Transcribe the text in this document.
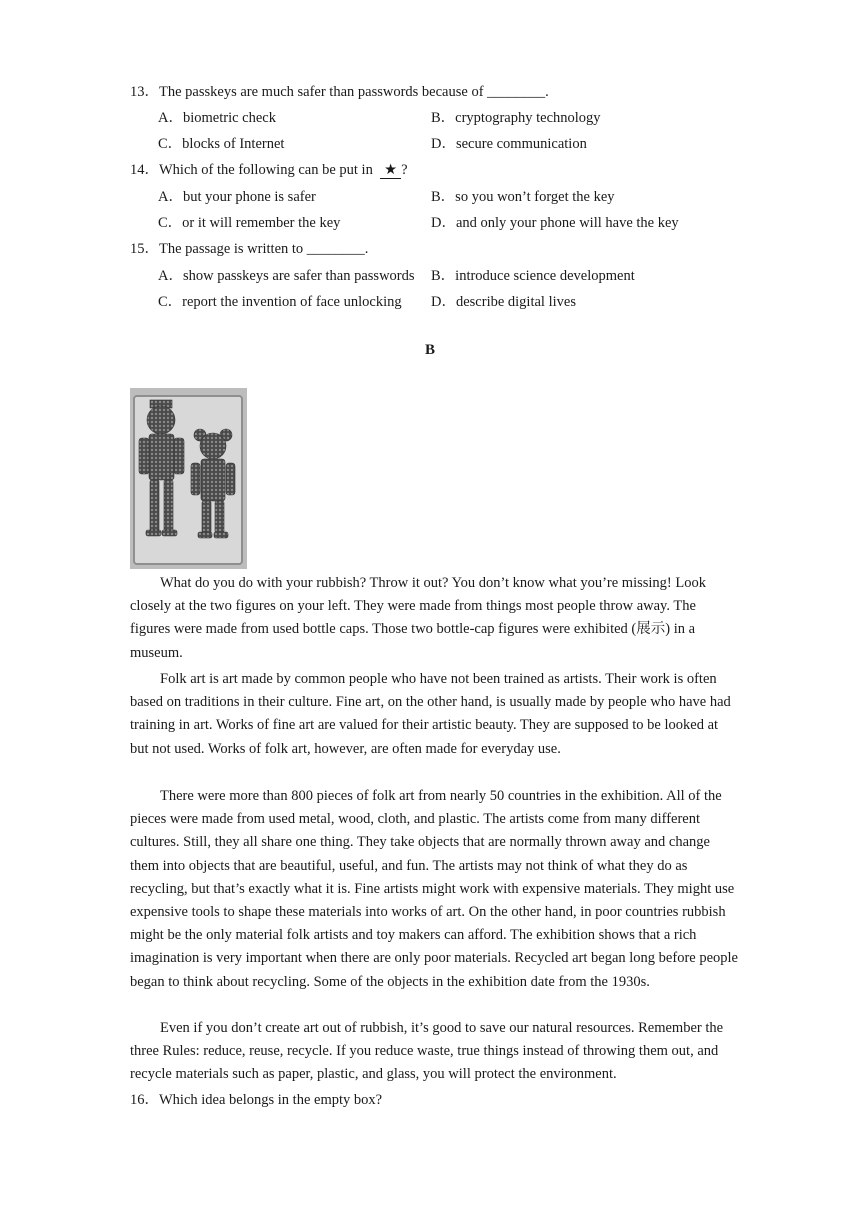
13．The passkeys are much safer than passwords because of ________.
A．biometric check	B．cryptography technology
C．blocks of Internet	D．secure communication
14．Which of the following can be put in ★ ?
A．but your phone is safer	B．so you won’t forget the key
C．or it will remember the key	D．and only your phone will have the key
15．The passage is written to ________.
A．show passkeys are safer than passwords B．introduce science development
C．report the invention of face unlocking D．describe digital lives
B
What do you do with your rubbish? Throw it out? You don’t know what you’re missing! Look closely at the two figures on your left. They were made from things most people throw away. The figures were made from used bottle caps. Those two bottle-cap figures were exhibited (展示) in a museum.
Folk art is art made by common people who have not been trained as artists. Their work is often based on traditions in their culture. Fine art, on the other hand, is usually made by people who have had training in art. Works of fine art are valued for their artistic beauty. They are supposed to be looked at but not used. Works of folk art, however, are often made for everyday use.
There were more than 800 pieces of folk art from nearly 50 countries in the exhibition. All of the pieces were made from used metal, wood, cloth, and plastic. The artists come from many different cultures. Still, they all share one thing. They take objects that are normally thrown away and change them into objects that are beautiful, useful, and fun. The artists may not think of what they do as recycling, but that’s exactly what it is. Fine artists might work with expensive materials. They might use expensive tools to shape these materials into works of art. On the other hand, in poor countries rubbish might be the only material folk artists and toy makers can afford. The exhibition shows that a rich imagination is very important when there are only poor materials. Recycled art began long before people began to think about recycling. Some of the objects in the exhibition date from the 1930s.
Even if you don’t create art out of rubbish, it’s good to save our natural resources. Remember the three Rules: reduce, reuse, recycle. If you reduce waste, true things instead of throwing them out, and recycle materials such as paper, plastic, and glass, you will protect the environment.
16．Which idea belongs in the empty box?
